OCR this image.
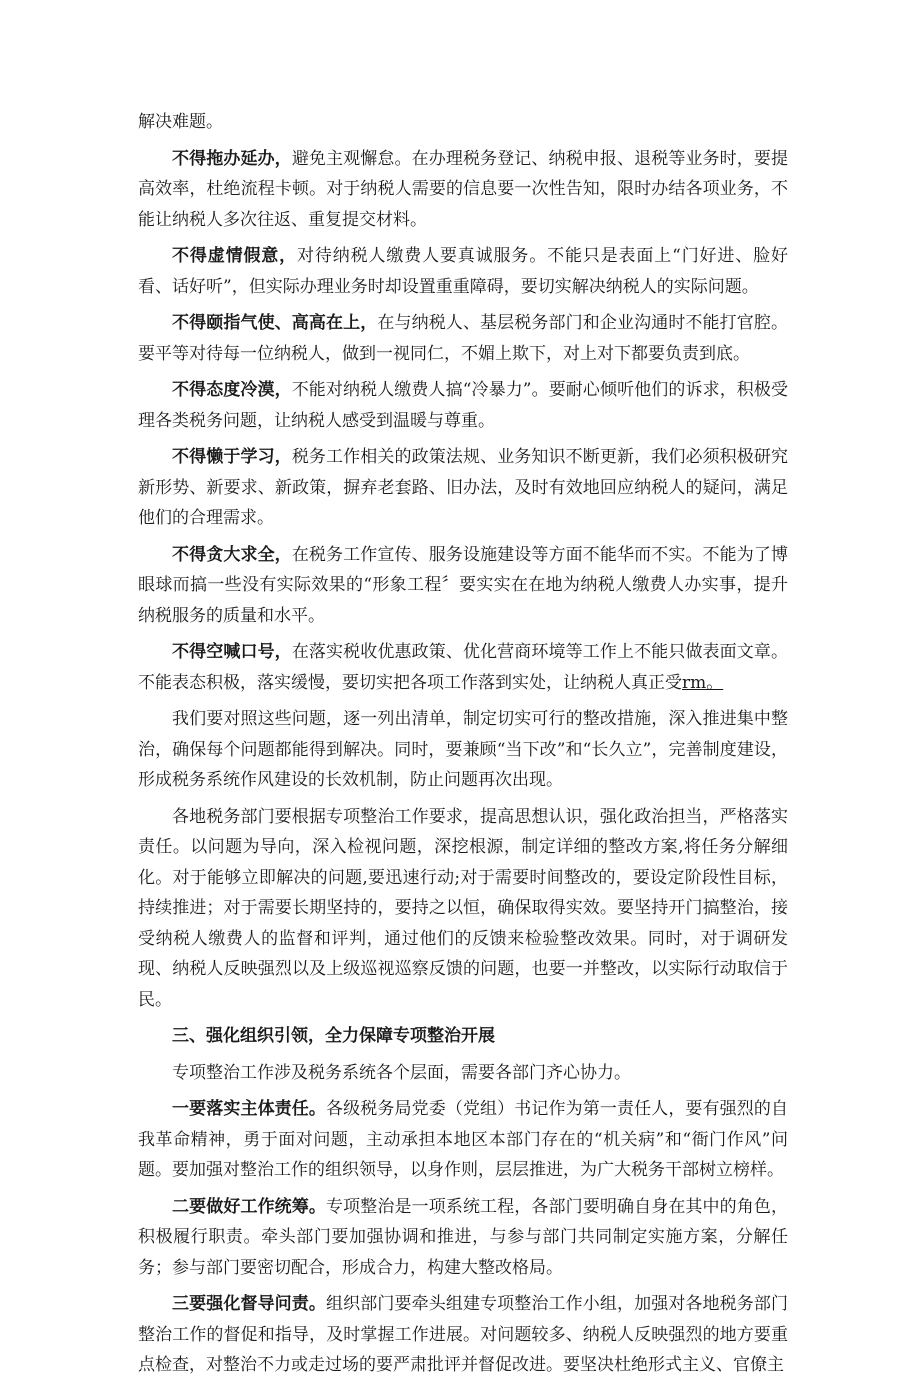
解决难题。

不得拖办延办，避免主观懈怠。在办理税务登记、纳税申报、退税等业务时，要提高效率，杜绝流程卡顿。对于纳税人需要的信息要一次性告知，限时办结各项业务，不能让纳税人多次往返、重复提交材料。

不得虚情假意，对待纳税人缴费人要真诚服务。不能只是表面上“门好进、脸好看、话好听”，但实际办理业务时却设置重重障碍，要切实解决纳税人的实际问题。

不得颐指气使、高高在上，在与纳税人、基层税务部门和企业沟通时不能打官腔。要平等对待每一位纳税人，做到一视同仁，不媚上欺下，对上对下都要负责到底。

不得态度冷漠，不能对纳税人缴费人搞“冷暴力”。要耐心倾听他们的诉求，积极受理各类税务问题，让纳税人感受到温暖与尊重。

不得懒于学习，税务工作相关的政策法规、业务知识不断更新，我们必须积极研究新形势、新要求、新政策，摒弃老套路、旧办法，及时有效地回应纳税人的疑问，满足他们的合理需求。

不得贪大求全，在税务工作宣传、服务设施建设等方面不能华而不实。不能为了博眼球而搞一些没有实际效果的“形象工程〞要实实在在地为纳税人缴费人办实事，提升纳税服务的质量和水平。

不得空喊口号，在落实税收优惠政策、优化营商环境等工作上不能只做表面文章。不能表态积极，落实缓慢，要切实把各项工作落到实处，让纳税人真正受rm。

我们要对照这些问题，逐一列出清单，制定切实可行的整改措施，深入推进集中整治，确保每个问题都能得到解决。同时，要兼顾“当下改”和“长久立”，完善制度建设，形成税务系统作风建设的长效机制，防止问题再次出现。

各地税务部门要根据专项整治工作要求，提高思想认识，强化政治担当，严格落实责任。以问题为导向，深入检视问题，深挖根源，制定详细的整改方案,将任务分解细化。对于能够立即解决的问题,要迅速行动;对于需要时间整改的，要设定阶段性目标，持续推进；对于需要长期坚持的，要持之以恒，确保取得实效。要坚持开门搞整治，接受纳税人缴费人的监督和评判，通过他们的反馈来检验整改效果。同时，对于调研发现、纳税人反映强烈以及上级巡视巡察反馈的问题，也要一并整改，以实际行动取信于民。

三、强化组织引领，全力保障专项整治开展

专项整治工作涉及税务系统各个层面，需要各部门齐心协力。

一要落实主体责任。各级税务局党委（党组）书记作为第一责任人，要有强烈的自我革命精神，勇于面对问题，主动承担本地区本部门存在的“机关病”和“衙门作风”问题。要加强对整治工作的组织领导，以身作则，层层推进，为广大税务干部树立榜样。

二要做好工作统筹。专项整治是一项系统工程，各部门要明确自身在其中的角色，积极履行职责。牵头部门要加强协调和推进，与参与部门共同制定实施方案，分解任务；参与部门要密切配合，形成合力，构建大整改格局。

三要强化督导问责。组织部门要牵头组建专项整治工作小组，加强对各地税务部门整治工作的督促和指导，及时掌握工作进展。对问题较多、纳税人反映强烈的地方要重点检查，对整治不力或走过场的要严肃批评并督促改进。要坚决杜绝形式主义、官僚主
